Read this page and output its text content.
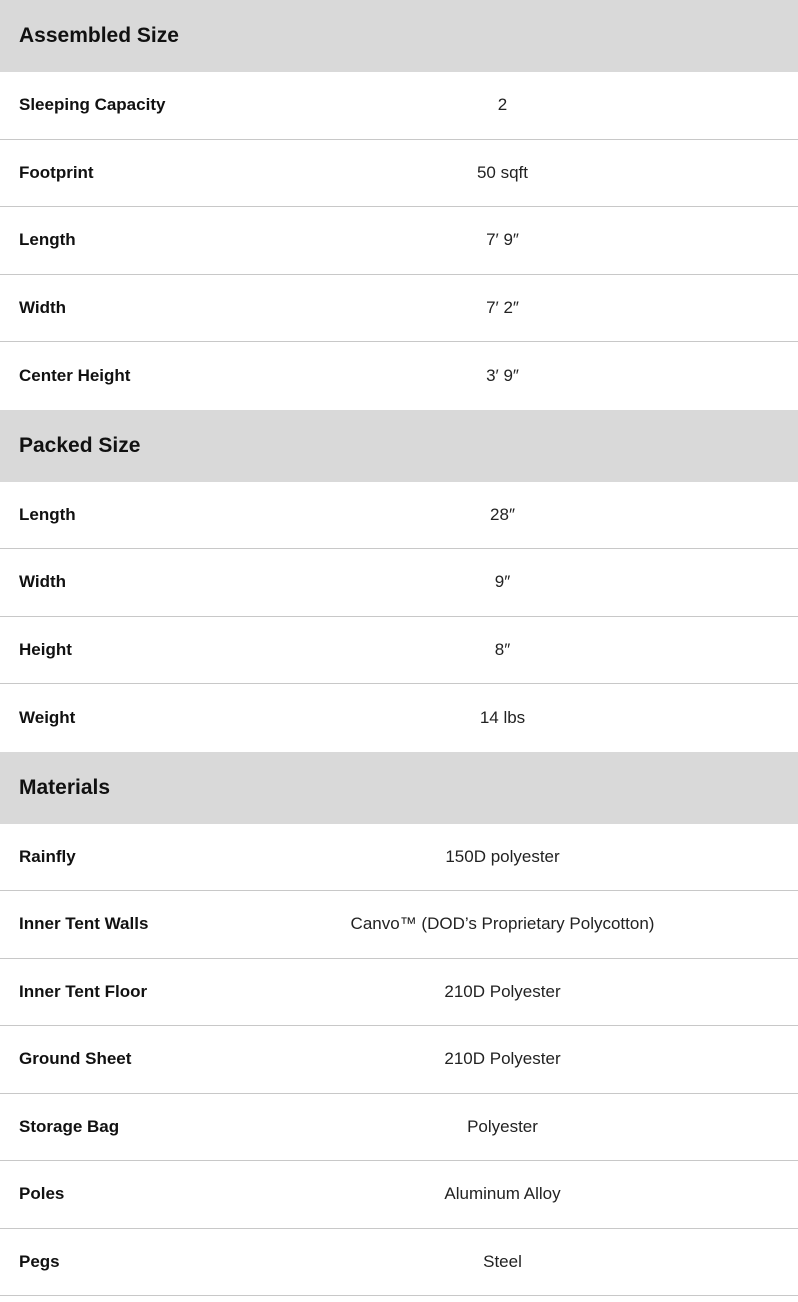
Assembled Size
Sleeping Capacity	2
Footprint	50 sqft
Length	7′ 9″
Width	7′ 2″
Center Height	3′ 9″
Packed Size
Length	28″
Width	9″
Height	8″
Weight	14 lbs
Materials
Rainfly	150D polyester
Inner Tent Walls	Canvo™ (DOD’s Proprietary Polycotton)
Inner Tent Floor	210D Polyester
Ground Sheet	210D Polyester
Storage Bag	Polyester
Poles	Aluminum Alloy
Pegs	Steel
